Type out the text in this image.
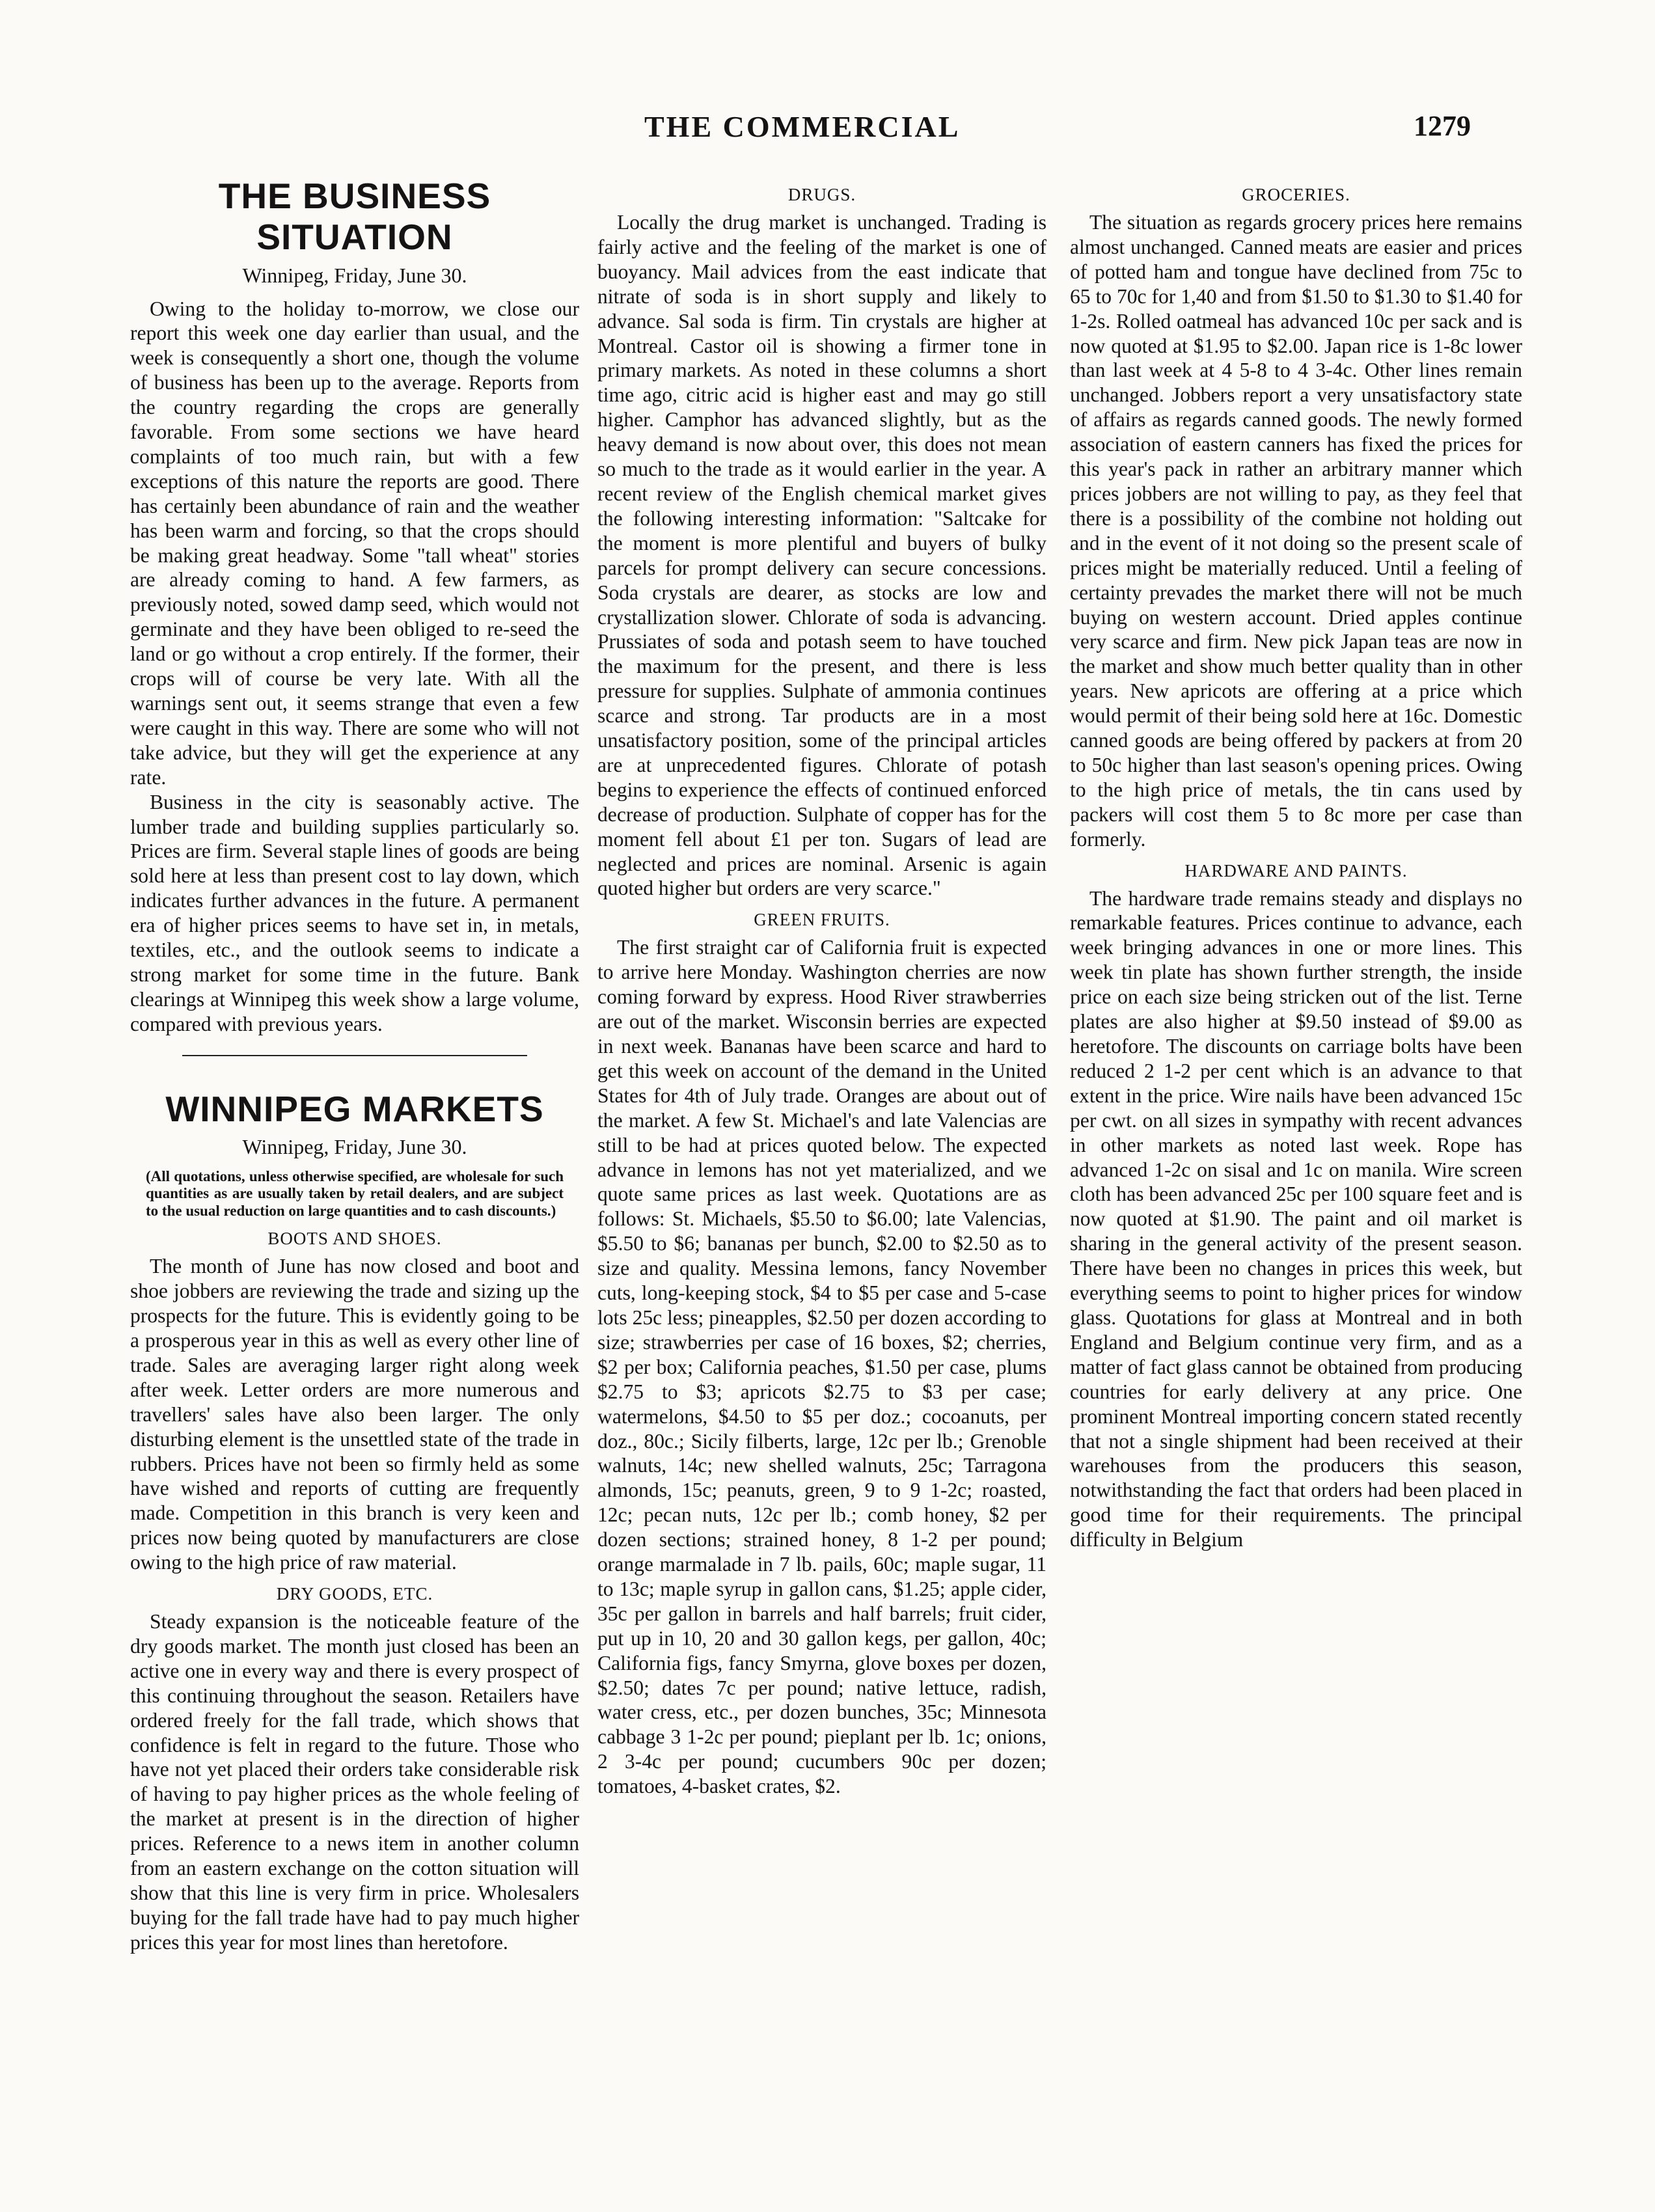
THE COMMERCIAL	1279
THE BUSINESS SITUATION
Winnipeg, Friday, June 30.

Owing to the holiday to-morrow, we close our report this week one day earlier than usual, and the week is consequently a short one, though the volume of business has been up to the average. Reports from the country regarding the crops are generally favorable. From some sections we have heard complaints of too much rain, but with a few exceptions of this nature the reports are good. There has certainly been abundance of rain and the weather has been warm and forcing, so that the crops should be making great headway. Some "tall wheat" stories are already coming to hand. A few farmers, as previously noted, sowed damp seed, which would not germinate and they have been obliged to re-seed the land or go without a crop entirely. If the former, their crops will of course be very late. With all the warnings sent out, it seems strange that even a few were caught in this way. There are some who will not take advice, but they will get the experience at any rate.

Business in the city is seasonably active. The lumber trade and building supplies particularly so. Prices are firm. Several staple lines of goods are being sold here at less than present cost to lay down, which indicates further advances in the future. A permanent era of higher prices seems to have set in, in metals, textiles, etc., and the outlook seems to indicate a strong market for some time in the future. Bank clearings at Winnipeg this week show a large volume, compared with previous years.

WINNIPEG MARKETS
Winnipeg, Friday, June 30.
(All quotations, unless otherwise specified, are wholesale for such quantities as are usually taken by retail dealers, and are subject to the usual reduction on large quantities and to cash discounts.)
BOOTS AND SHOES.

The month of June has now closed and boot and shoe jobbers are reviewing the trade and sizing up the prospects for the future. This is evidently going to be a prosperous year in this as well as every other line of trade. Sales are averaging larger right along week after week. Letter orders are more numerous and travellers' sales have also been larger. The only disturbing element is the unsettled state of the trade in rubbers. Prices have not been so firmly held as some have wished and reports of cutting are frequently made. Competition in this branch is very keen and prices now being quoted by manufacturers are close owing to the high price of raw material.

DRY GOODS, ETC.

Steady expansion is the noticeable feature of the dry goods market. The month just closed has been an active one in every way and there is every prospect of this continuing throughout the season. Retailers have ordered freely for the fall trade, which shows that confidence is felt in regard to the future. Those who have not yet placed their orders take considerable risk of having to pay higher prices as the whole feeling of the market at present is in the direction of higher prices. Reference to a news item in another column from an eastern exchange on the cotton situation will show that this line is very firm in price. Wholesalers buying for the fall trade have had to pay much higher prices this year for most lines than heretofore.

DRUGS.

Locally the drug market is unchanged. Trading is fairly active and the feeling of the market is one of buoyancy. Mail advices from the east indicate that nitrate of soda is in short supply and likely to advance. Sal soda is firm. Tin crystals are higher at Montreal. Castor oil is showing a firmer tone in primary markets. As noted in these columns a short time ago, citric acid is higher east and may go still higher. Camphor has advanced slightly, but as the heavy demand is now about over, this does not mean so much to the trade as it would earlier in the year. A recent review of the English chemical market gives the following interesting information: "Saltcake for the moment is more plentiful and buyers of bulky parcels for prompt delivery can secure concessions. Soda crystals are dearer, as stocks are low and crystallization slower. Chlorate of soda is advancing. Prussiates of soda and potash seem to have touched the maximum for the present, and there is less pressure for supplies. Sulphate of ammonia continues scarce and strong. Tar products are in a most unsatisfactory position, some of the principal articles are at unprecedented figures. Chlorate of potash begins to experience the effects of continued enforced decrease of production. Sulphate of copper has for the moment fell about £1 per ton. Sugars of lead are neglected and prices are nominal. Arsenic is again quoted higher but orders are very scarce."

GREEN FRUITS.

The first straight car of California fruit is expected to arrive here Monday. Washington cherries are now coming forward by express. Hood River strawberries are out of the market. Wisconsin berries are expected in next week. Bananas have been scarce and hard to get this week on account of the demand in the United States for 4th of July trade. Oranges are about out of the market. A few St. Michael's and late Valencias are still to be had at prices quoted below. The expected advance in lemons has not yet materialized, and we quote same prices as last week. Quotations are as follows: St. Michaels, $5.50 to $6.00; late Valencias, $5.50 to $6; bananas per bunch, $2.00 to $2.50 as to size and quality. Messina lemons, fancy November cuts, long-keeping stock, $4 to $5 per case and 5-case lots 25c less; pineapples, $2.50 per dozen according to size; strawberries per case of 16 boxes, $2; cherries, $2 per box; California peaches, $1.50 per case, plums $2.75 to $3; apricots $2.75 to $3 per case; watermelons, $4.50 to $5 per doz.; cocoanuts, per doz., 80c.; Sicily filberts, large, 12c per lb.; Grenoble walnuts, 14c; new shelled walnuts, 25c; Tarragona almonds, 15c; peanuts, green, 9 to 9 1-2c; roasted, 12c; pecan nuts, 12c per lb.; comb honey, $2 per dozen sections; strained honey, 8 1-2 per pound; orange marmalade in 7 lb. pails, 60c; maple sugar, 11 to 13c; maple syrup in gallon cans, $1.25; apple cider, 35c per gallon in barrels and half barrels; fruit cider, put up in 10, 20 and 30 gallon kegs, per gallon, 40c; California figs, fancy Smyrna, glove boxes per dozen, $2.50; dates 7c per pound; native lettuce, radish, water cress, etc., per dozen bunches, 35c; Minnesota cabbage 3 1-2c per pound; pieplant per lb. 1c; onions, 2 3-4c per pound; cucumbers 90c per dozen; tomatoes, 4-basket crates, $2.

GROCERIES.

The situation as regards grocery prices here remains almost unchanged. Canned meats are easier and prices of potted ham and tongue have declined from 75c to 65 to 70c for 1,40 and from $1.50 to $1.30 to $1.40 for 1-2s. Rolled oatmeal has advanced 10c per sack and is now quoted at $1.95 to $2.00. Japan rice is 1-8c lower than last week at 4 5-8 to 4 3-4c. Other lines remain unchanged. Jobbers report a very unsatisfactory state of affairs as regards canned goods. The newly formed association of eastern canners has fixed the prices for this year's pack in rather an arbitrary manner which prices jobbers are not willing to pay, as they feel that there is a possibility of the combine not holding out and in the event of it not doing so the present scale of prices might be materially reduced. Until a feeling of certainty prevades the market there will not be much buying on western account. Dried apples continue very scarce and firm. New pick Japan teas are now in the market and show much better quality than in other years. New apricots are offering at a price which would permit of their being sold here at 16c. Domestic canned goods are being offered by packers at from 20 to 50c higher than last season's opening prices. Owing to the high price of metals, the tin cans used by packers will cost them 5 to 8c more per case than formerly.

HARDWARE AND PAINTS.

The hardware trade remains steady and displays no remarkable features. Prices continue to advance, each week bringing advances in one or more lines. This week tin plate has shown further strength, the inside price on each size being stricken out of the list. Terne plates are also higher at $9.50 instead of $9.00 as heretofore. The discounts on carriage bolts have been reduced 2 1-2 per cent which is an advance to that extent in the price. Wire nails have been advanced 15c per cwt. on all sizes in sympathy with recent advances in other markets as noted last week. Rope has advanced 1-2c on sisal and 1c on manila. Wire screen cloth has been advanced 25c per 100 square feet and is now quoted at $1.90. The paint and oil market is sharing in the general activity of the present season. There have been no changes in prices this week, but everything seems to point to higher prices for window glass. Quotations for glass at Montreal and in both England and Belgium continue very firm, and as a matter of fact glass cannot be obtained from producing countries for early delivery at any price. One prominent Montreal importing concern stated recently that not a single shipment had been received at their warehouses from the producers this season, notwithstanding the fact that orders had been placed in good time for their requirements. The principal difficulty in Belgium
